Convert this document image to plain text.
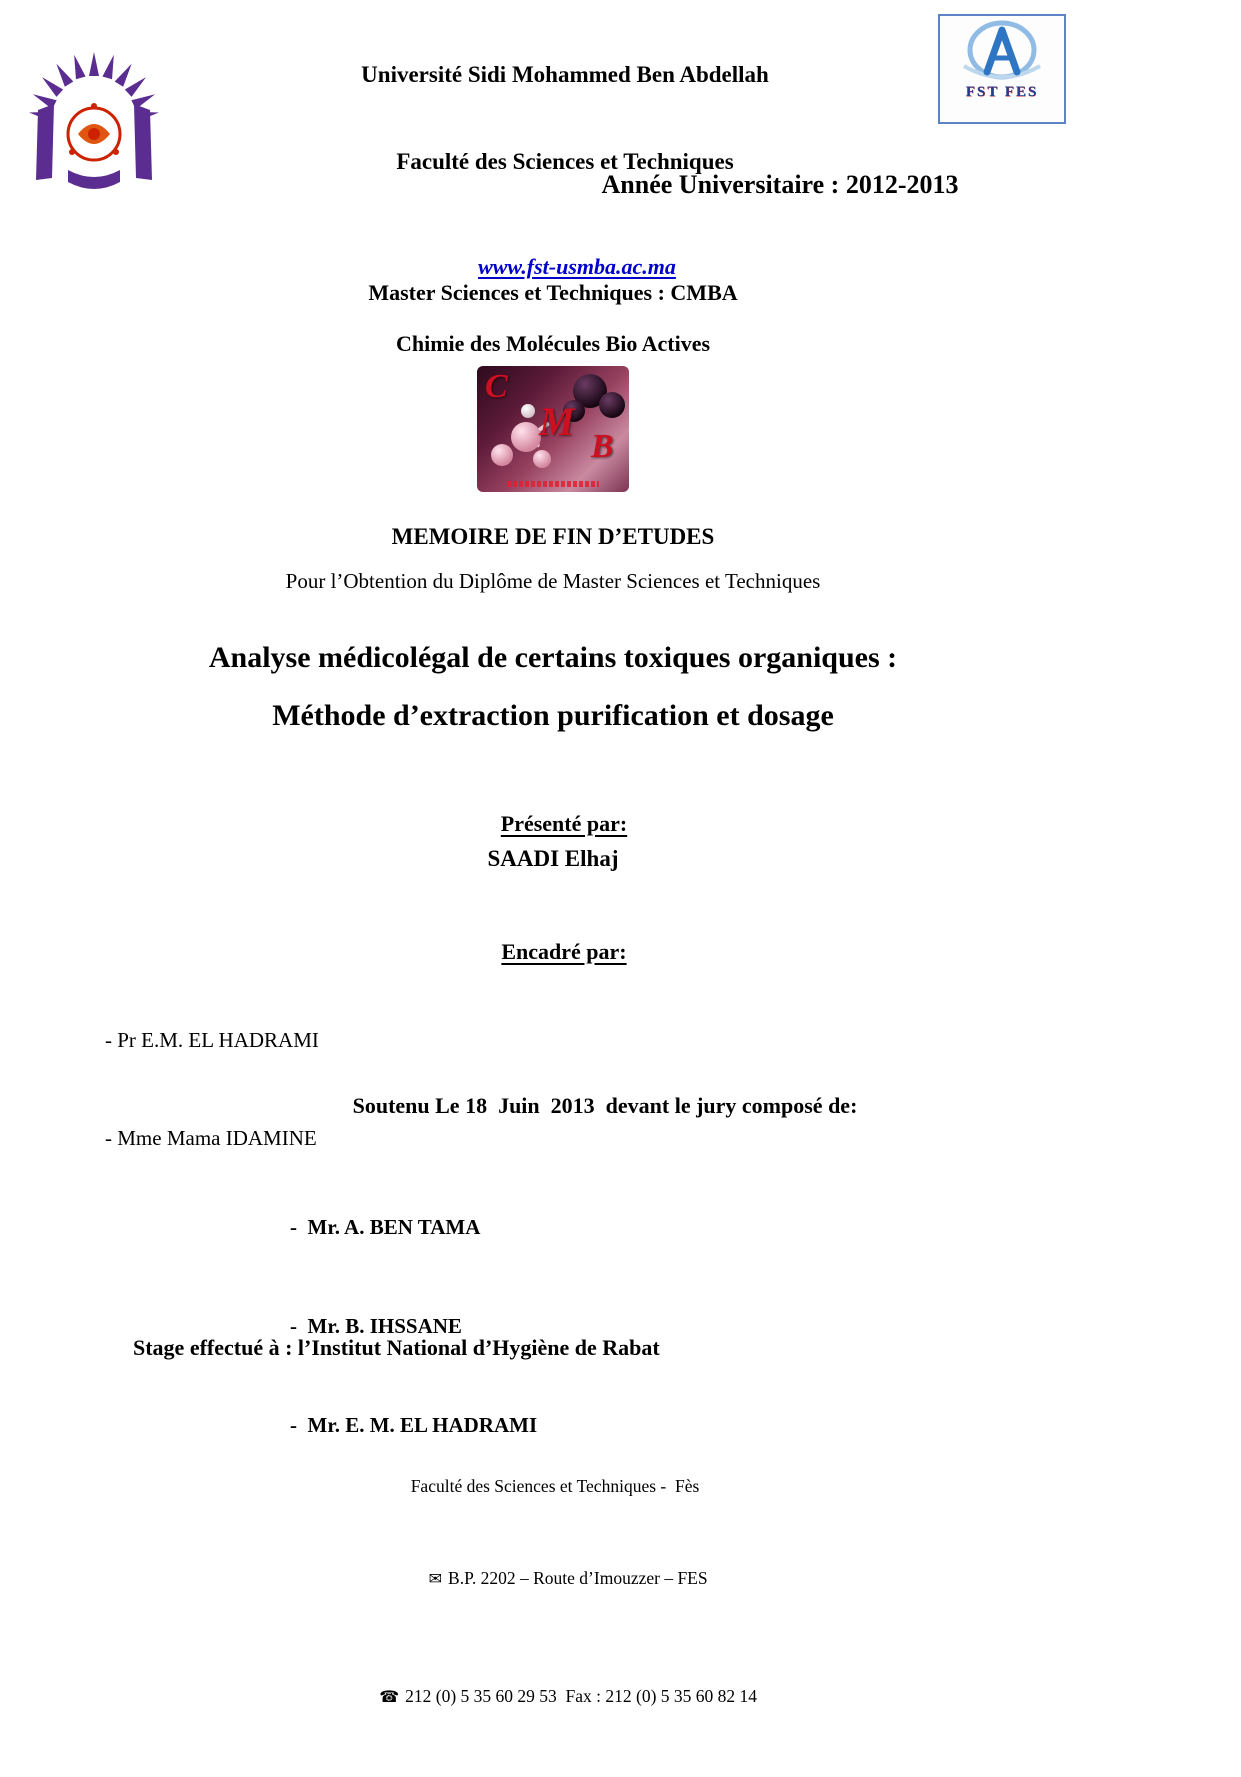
Université Sidi Mohammed Ben Abdellah

Faculté des Sciences et Techniques

www.fst-usmba.ac.ma

FST FES
Année Universitaire : 2012-2013
Master Sciences et Techniques : CMBA
Chimie des Molécules Bio Actives

C

M

B

MEMOIRE DE FIN D’ETUDES
Pour l’Obtention du Diplôme de Master Sciences et Techniques
Analyse médicolégal de certains toxiques organiques :
Méthode d’extraction purification et dosage

Présenté par:

SAADI Elhaj

Encadré par:

- Pr E.M. EL HADRAMI

- Mme Mama IDAMINE

Soutenu Le 18  Juin  2013  devant le jury composé de:

-  Mr. A. BEN TAMA

-  Mr. B. IHSSANE

-  Mr. E. M. EL HADRAMI

Stage effectué à : l’Institut National d’Hygiène de Rabat

Faculté des Sciences et Techniques -  Fès

✉ B.P. 2202 – Route d’Imouzzer – FES

☎ 212 (0) 5 35 60 29 53  Fax : 212 (0) 5 35 60 82 14
